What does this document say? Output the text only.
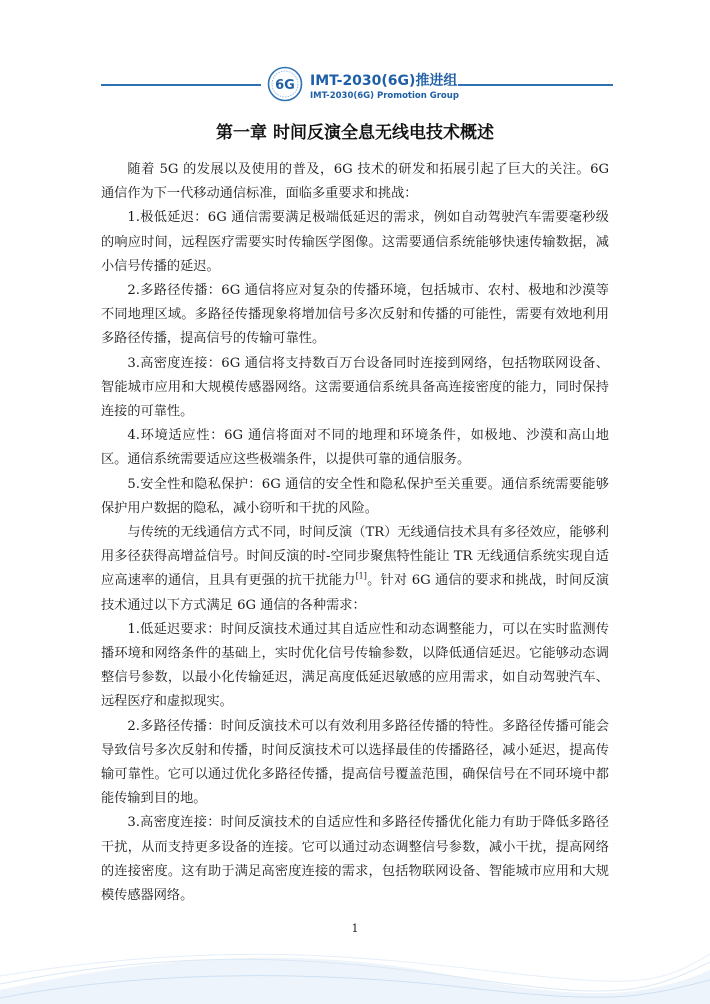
6G IMT-2030(6G)推进组
IMT-2030(6G) Promotion Group
第一章 时间反演全息无线电技术概述

随着 5G 的发展以及使用的普及，6G 技术的研发和拓展引起了巨大的关注。6G 通信作为下一代移动通信标准，面临多重要求和挑战：

1.极低延迟：6G 通信需要满足极端低延迟的需求，例如自动驾驶汽车需要毫秒级的响应时间，远程医疗需要实时传输医学图像。这需要通信系统能够快速传输数据，减小信号传播的延迟。

2.多路径传播：6G 通信将应对复杂的传播环境，包括城市、农村、极地和沙漠等不同地理区域。多路径传播现象将增加信号多次反射和传播的可能性，需要有效地利用多路径传播，提高信号的传输可靠性。

3.高密度连接：6G 通信将支持数百万台设备同时连接到网络，包括物联网设备、智能城市应用和大规模传感器网络。这需要通信系统具备高连接密度的能力，同时保持连接的可靠性。

4.环境适应性：6G 通信将面对不同的地理和环境条件，如极地、沙漠和高山地区。通信系统需要适应这些极端条件，以提供可靠的通信服务。

5.安全性和隐私保护：6G 通信的安全性和隐私保护至关重要。通信系统需要能够保护用户数据的隐私，减小窃听和干扰的风险。

与传统的无线通信方式不同，时间反演（TR）无线通信技术具有多径效应，能够利用多径获得高增益信号。时间反演的时-空同步聚焦特性能让 TR 无线通信系统实现自适应高速率的通信，且具有更强的抗干扰能力[1]。针对 6G 通信的要求和挑战，时间反演技术通过以下方式满足 6G 通信的各种需求：

1.低延迟要求：时间反演技术通过其自适应性和动态调整能力，可以在实时监测传播环境和网络条件的基础上，实时优化信号传输参数，以降低通信延迟。它能够动态调整信号参数，以最小化传输延迟，满足高度低延迟敏感的应用需求，如自动驾驶汽车、远程医疗和虚拟现实。

2.多路径传播：时间反演技术可以有效利用多路径传播的特性。多路径传播可能会导致信号多次反射和传播，时间反演技术可以选择最佳的传播路径，减小延迟，提高传输可靠性。它可以通过优化多路径传播，提高信号覆盖范围，确保信号在不同环境中都能传输到目的地。

3.高密度连接：时间反演技术的自适应性和多路径传播优化能力有助于降低多路径干扰，从而支持更多设备的连接。它可以通过动态调整信号参数，减小干扰，提高网络的连接密度。这有助于满足高密度连接的需求，包括物联网设备、智能城市应用和大规模传感器网络。

1
